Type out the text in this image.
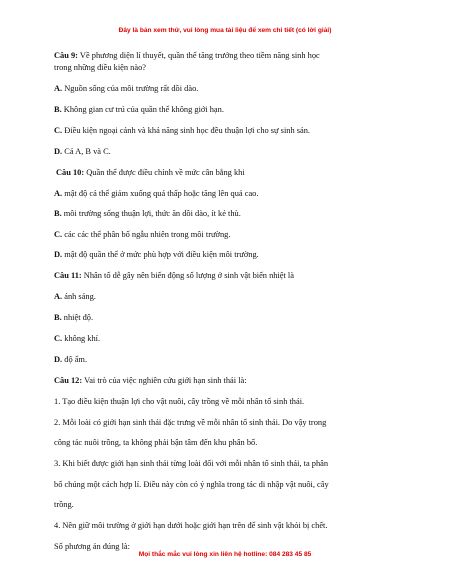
Đây là bản xem thử, vui lòng mua tài liệu để xem chi tiết (có lời giải)
Câu 9: Về phương diện lí thuyết, quần thể tăng trưởng theo tiềm năng sinh học
trong những điều kiện nào?
A. Nguồn sống của môi trường rất dồi dào.
B. Không gian cư trú của quần thể không giới hạn.
C. Điều kiện ngoại cảnh và khả năng sinh học đều thuận lợi cho sự sinh sản.
D. Cả A, B và C.
Câu 10: Quần thể được điều chỉnh về mức cân bằng khi
A. mật độ cá thể giảm xuống quá thấp hoặc tăng lên quá cao.
B. môi trường sống thuận lợi, thức ăn dồi dào, ít kẻ thù.
C. các các thể phân bố ngẫu nhiên trong môi trường.
D. mật độ quần thể ở mức phù hợp với điều kiện môi trường.
Câu 11: Nhân tố dễ gây nên biến động số lượng ở sinh vật biến nhiệt là
A. ánh sáng.
B. nhiệt độ.
C. không khí.
D. độ ẩm.
Câu 12: Vai trò của việc nghiên cứu giới hạn sinh thái là:
1. Tạo điều kiện thuận lợi cho vật nuôi, cây trồng về mỗi nhân tố sinh thái.
2. Mỗi loài có giới hạn sinh thái đặc trưng về mỗi nhân tố sinh thái. Do vậy trong
công tác nuôi trồng, ta không phải bận tâm đến khu phân bố.
3. Khi biết được giới hạn sinh thái từng loài đối với mỗi nhân tố sinh thái, ta phân
bố chúng một cách hợp lí. Điều này còn có ý nghĩa trong tác di nhập vật nuôi, cây
trồng.
4. Nên giữ môi trường ở giới hạn dưới hoặc giới hạn trên để sinh vật khỏi bị chết.
Số phương án đúng là:
Mọi thắc mắc vui lòng xin liên hệ hotline: 084 283 45 85
